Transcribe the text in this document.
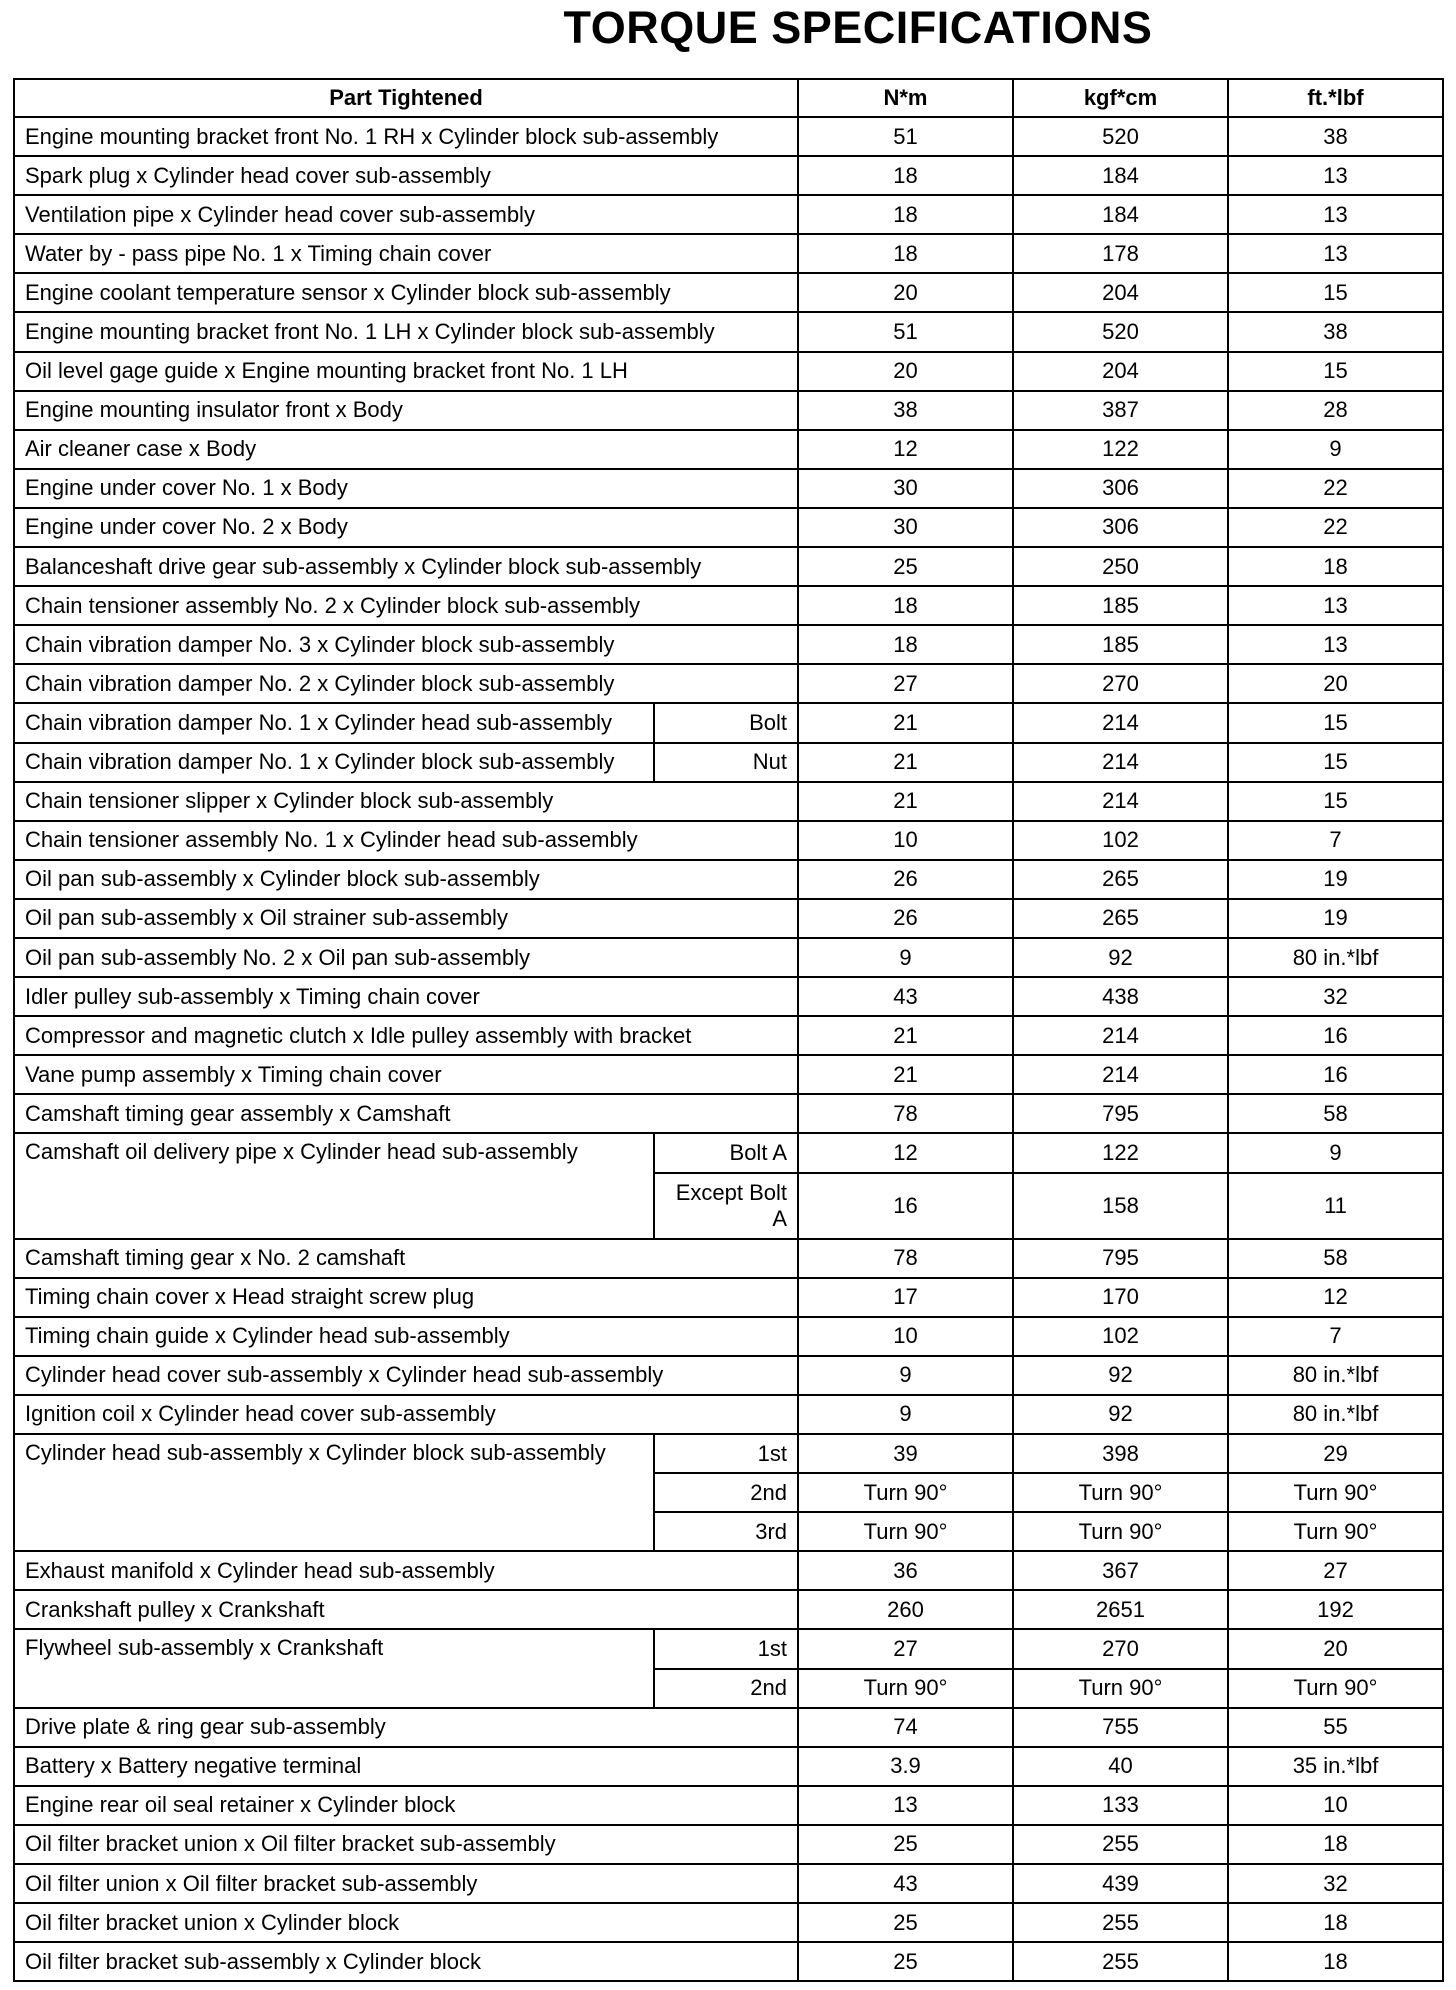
TORQUE SPECIFICATIONS
Part Tightened		N*m	kgf*cm	ft.*lbf
Engine mounting bracket front No. 1 RH x Cylinder block sub-assembly		51	520	38
Spark plug x Cylinder head cover sub-assembly		18	184	13
Ventilation pipe x Cylinder head cover sub-assembly		18	184	13
Water by - pass pipe No. 1 x Timing chain cover		18	178	13
Engine coolant temperature sensor x Cylinder block sub-assembly		20	204	15
Engine mounting bracket front No. 1 LH x Cylinder block sub-assembly		51	520	38
Oil level gage guide x Engine mounting bracket front No. 1 LH		20	204	15
Engine mounting insulator front x Body		38	387	28
Air cleaner case x Body		12	122	9
Engine under cover No. 1 x Body		30	306	22
Engine under cover No. 2 x Body		30	306	22
Balanceshaft drive gear sub-assembly x Cylinder block sub-assembly		25	250	18
Chain tensioner assembly No. 2 x Cylinder block sub-assembly		18	185	13
Chain vibration damper No. 3 x Cylinder block sub-assembly		18	185	13
Chain vibration damper No. 2 x Cylinder block sub-assembly		27	270	20
Chain vibration damper No. 1 x Cylinder head sub-assembly	Bolt	21	214	15
Chain vibration damper No. 1 x Cylinder block sub-assembly	Nut	21	214	15
Chain tensioner slipper x Cylinder block sub-assembly		21	214	15
Chain tensioner assembly No. 1 x Cylinder head sub-assembly		10	102	7
Oil pan sub-assembly x Cylinder block sub-assembly		26	265	19
Oil pan sub-assembly x Oil strainer sub-assembly		26	265	19
Oil pan sub-assembly No. 2 x Oil pan sub-assembly		9	92	80 in.*lbf
Idler pulley sub-assembly x Timing chain cover		43	438	32
Compressor and magnetic clutch x Idle pulley assembly with bracket		21	214	16
Vane pump assembly x Timing chain cover		21	214	16
Camshaft timing gear assembly x Camshaft		78	795	58
Camshaft oil delivery pipe x Cylinder head sub-assembly	Bolt A	12	122	9
	Except Bolt A	16	158	11
Camshaft timing gear x No. 2 camshaft		78	795	58
Timing chain cover x Head straight screw plug		17	170	12
Timing chain guide x Cylinder head sub-assembly		10	102	7
Cylinder head cover sub-assembly x Cylinder head sub-assembly		9	92	80 in.*lbf
Ignition coil x Cylinder head cover sub-assembly		9	92	80 in.*lbf
Cylinder head sub-assembly x Cylinder block sub-assembly	1st	39	398	29
	2nd	Turn 90°	Turn 90°	Turn 90°
	3rd	Turn 90°	Turn 90°	Turn 90°
Exhaust manifold x Cylinder head sub-assembly		36	367	27
Crankshaft pulley x Crankshaft		260	2651	192
Flywheel sub-assembly x Crankshaft	1st	27	270	20
	2nd	Turn 90°	Turn 90°	Turn 90°
Drive plate & ring gear sub-assembly		74	755	55
Battery x Battery negative terminal		3.9	40	35 in.*lbf
Engine rear oil seal retainer x Cylinder block		13	133	10
Oil filter bracket union x Oil filter bracket sub-assembly		25	255	18
Oil filter union x Oil filter bracket sub-assembly		43	439	32
Oil filter bracket union x Cylinder block		25	255	18
Oil filter bracket sub-assembly x Cylinder block		25	255	18
